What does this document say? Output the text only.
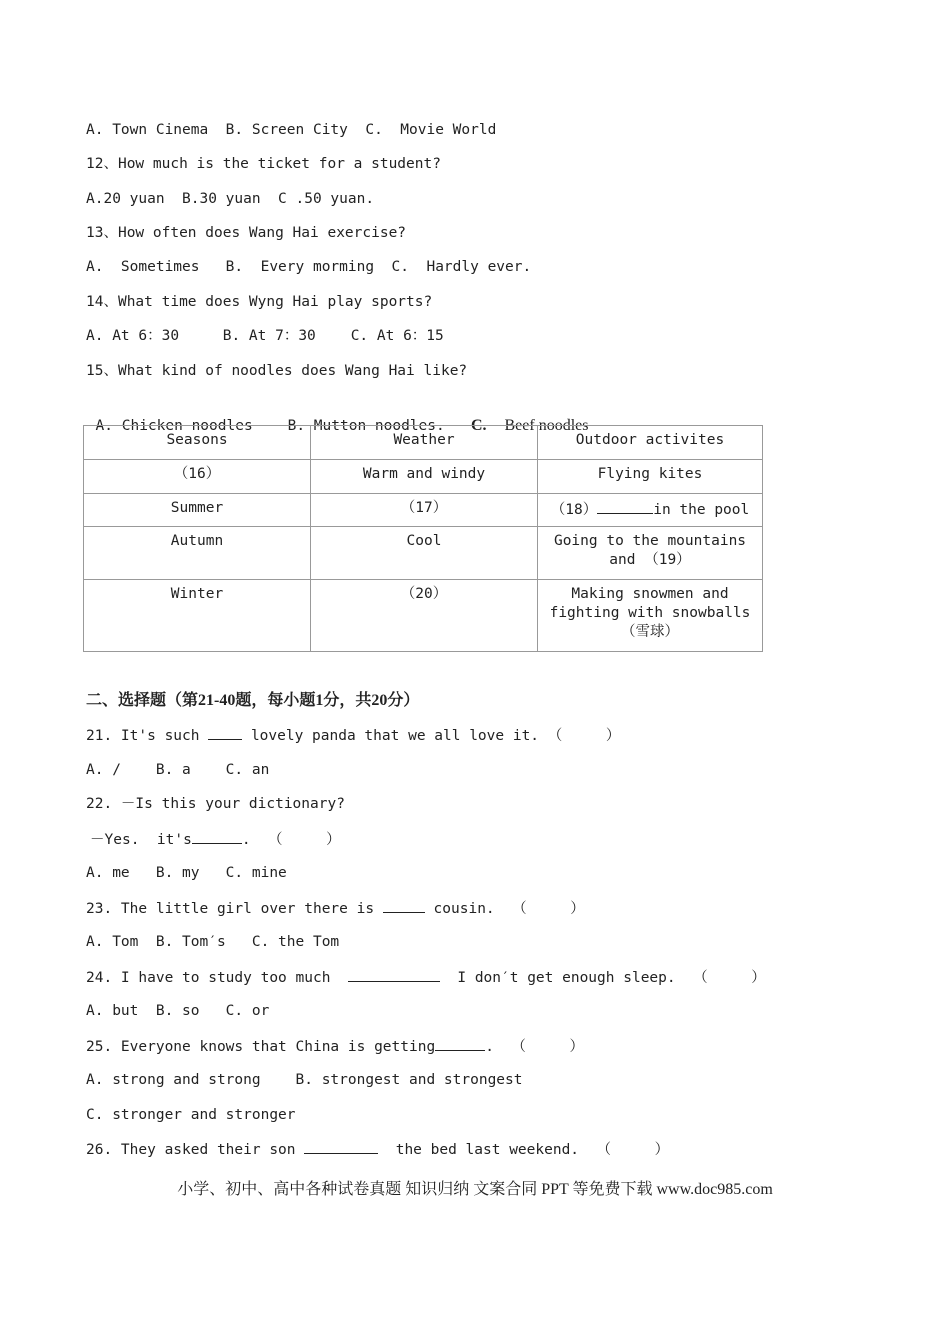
A. Town Cinema  B. Screen City  C.  Movie World
12、How much is the ticket for a student?
A.20 yuan  B.30 yuan  C .50 yuan.
13、How often does Wang Hai exercise?
A.  Sometimes   B.  Every morming  C.  Hardly ever.
14、What time does Wyng Hai play sports?
A. At 6：30     B. At 7：30    C. At 6：15
15、What kind of noodles does Wang Hai like?

A. Chicken noodles    B. Mutton noodles.   C. Beef noodles

Seasons	Weather	Outdoor activites
（16）	Warm and windy	Flying kites
Summer	（17）	（18） in the pool
Autumn	Cool	Going to the mountains and （19）
Winter	（20）	Making snowmen and fighting with snowballs（雪球）
二、选择题（第21-40题，每小题1分，共20分）
21. It's such  lovely panda that we all love it. （     ）
A. /    B. a    C. an
22. －Is this your dictionary?
－Yes.  it's	.  （     ）
A. me   B. my   C. mine
23. The little girl over there is	cousin.  （     ）
A. Tom  B. Tom′s   C. the Tom
24. I have to study too much	I don′t get enough sleep.  （     ）
A. but  B. so   C. or
25. Everyone knows that China is getting	.  （     ）
A. strong and strong    B. strongest and strongest
C. stronger and stronger
26. They asked their son	the bed last weekend.  （     ）
小学、初中、高中各种试卷真题 知识归纳 文案合同 PPT 等免费下载 www.doc985.com
